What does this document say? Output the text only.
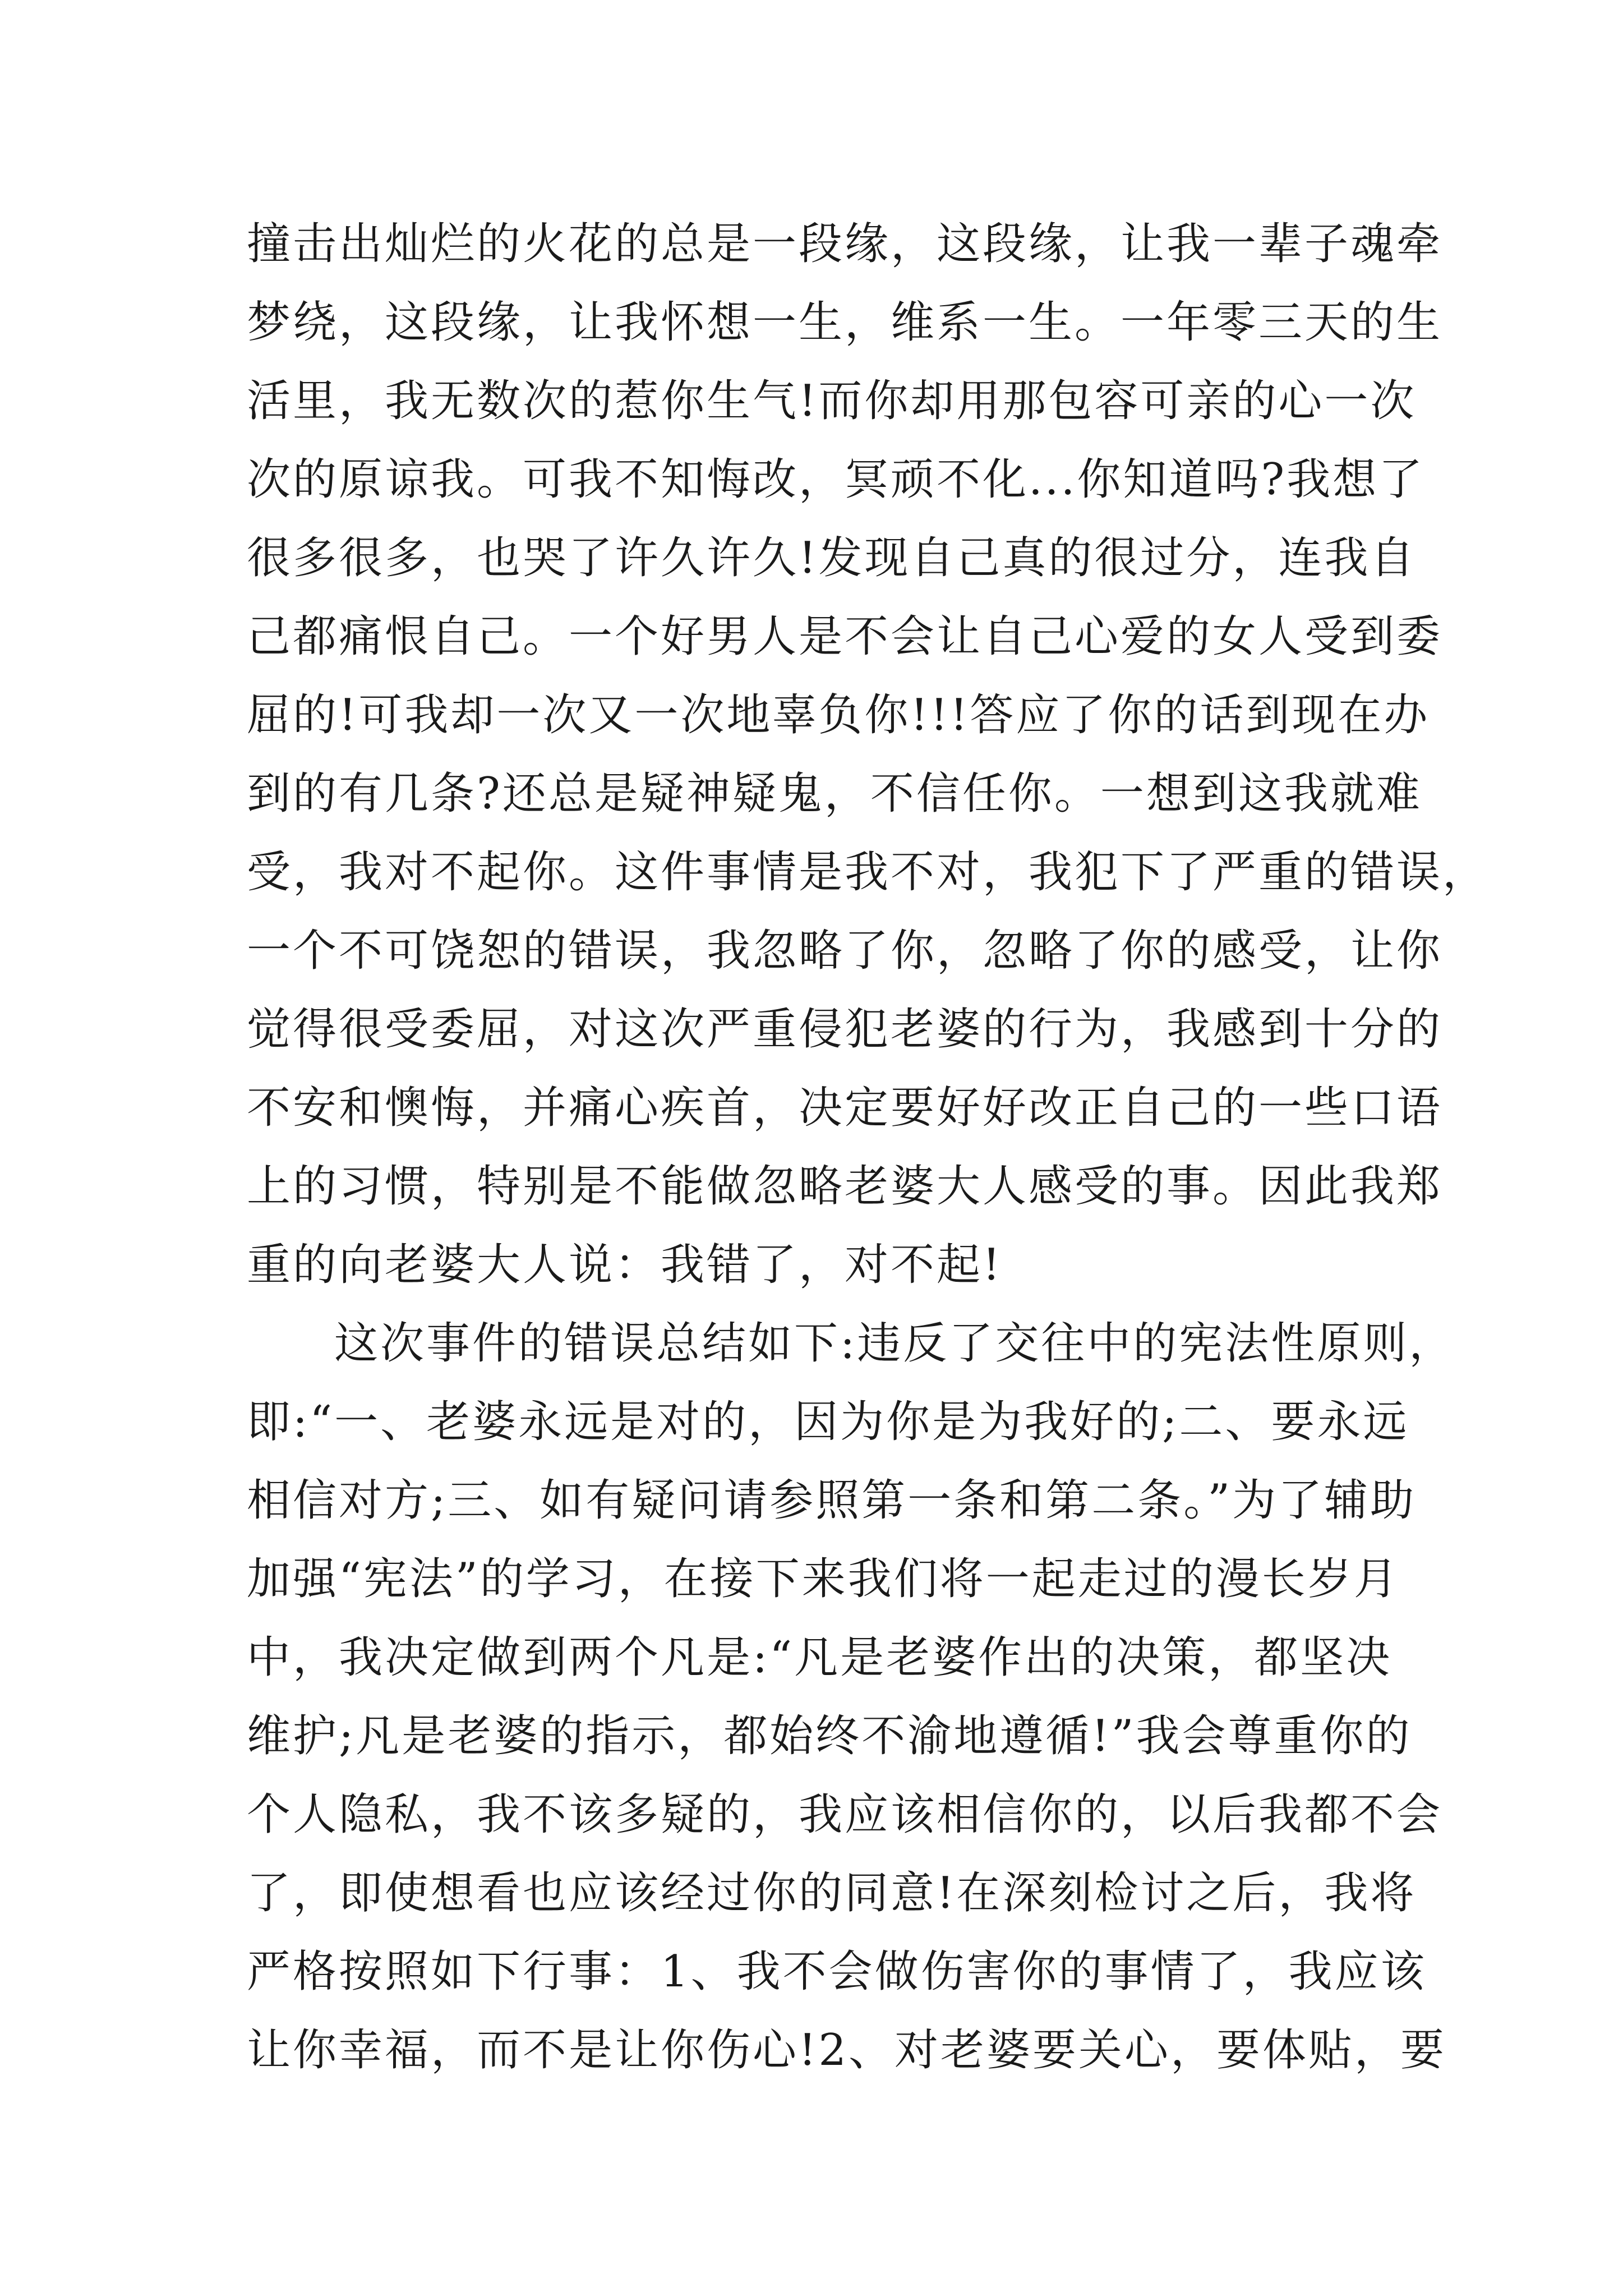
撞击出灿烂的火花的总是一段缘，这段缘，让我一辈子魂牵
梦绕，这段缘，让我怀想一生，维系一生。一年零三天的生
活里，我无数次的惹你生气!而你却用那包容可亲的心一次
次的原谅我。可我不知悔改，冥顽不化...你知道吗?我想了
很多很多，也哭了许久许久!发现自己真的很过分，连我自
己都痛恨自己。一个好男人是不会让自己心爱的女人受到委
屈的!可我却一次又一次地辜负你!!!答应了你的话到现在办
到的有几条?还总是疑神疑鬼，不信任你。一想到这我就难
受，我对不起你。这件事情是我不对，我犯下了严重的错误，
一个不可饶恕的错误，我忽略了你，忽略了你的感受，让你
觉得很受委屈，对这次严重侵犯老婆的行为，我感到十分的
不安和懊悔，并痛心疾首，决定要好好改正自己的一些口语
上的习惯，特别是不能做忽略老婆大人感受的事。因此我郑
重的向老婆大人说：我错了，对不起!
这次事件的错误总结如下:违反了交往中的宪法性原则，
即:“一、老婆永远是对的，因为你是为我好的;二、要永远
相信对方;三、如有疑问请参照第一条和第二条。”为了辅助
加强“宪法”的学习，在接下来我们将一起走过的漫长岁月
中，我决定做到两个凡是:“凡是老婆作出的决策，都坚决
维护;凡是老婆的指示，都始终不渝地遵循!”我会尊重你的
个人隐私，我不该多疑的，我应该相信你的，以后我都不会
了，即使想看也应该经过你的同意!在深刻检讨之后，我将
严格按照如下行事：1、我不会做伤害你的事情了，我应该
让你幸福，而不是让你伤心!2、对老婆要关心，要体贴，要
